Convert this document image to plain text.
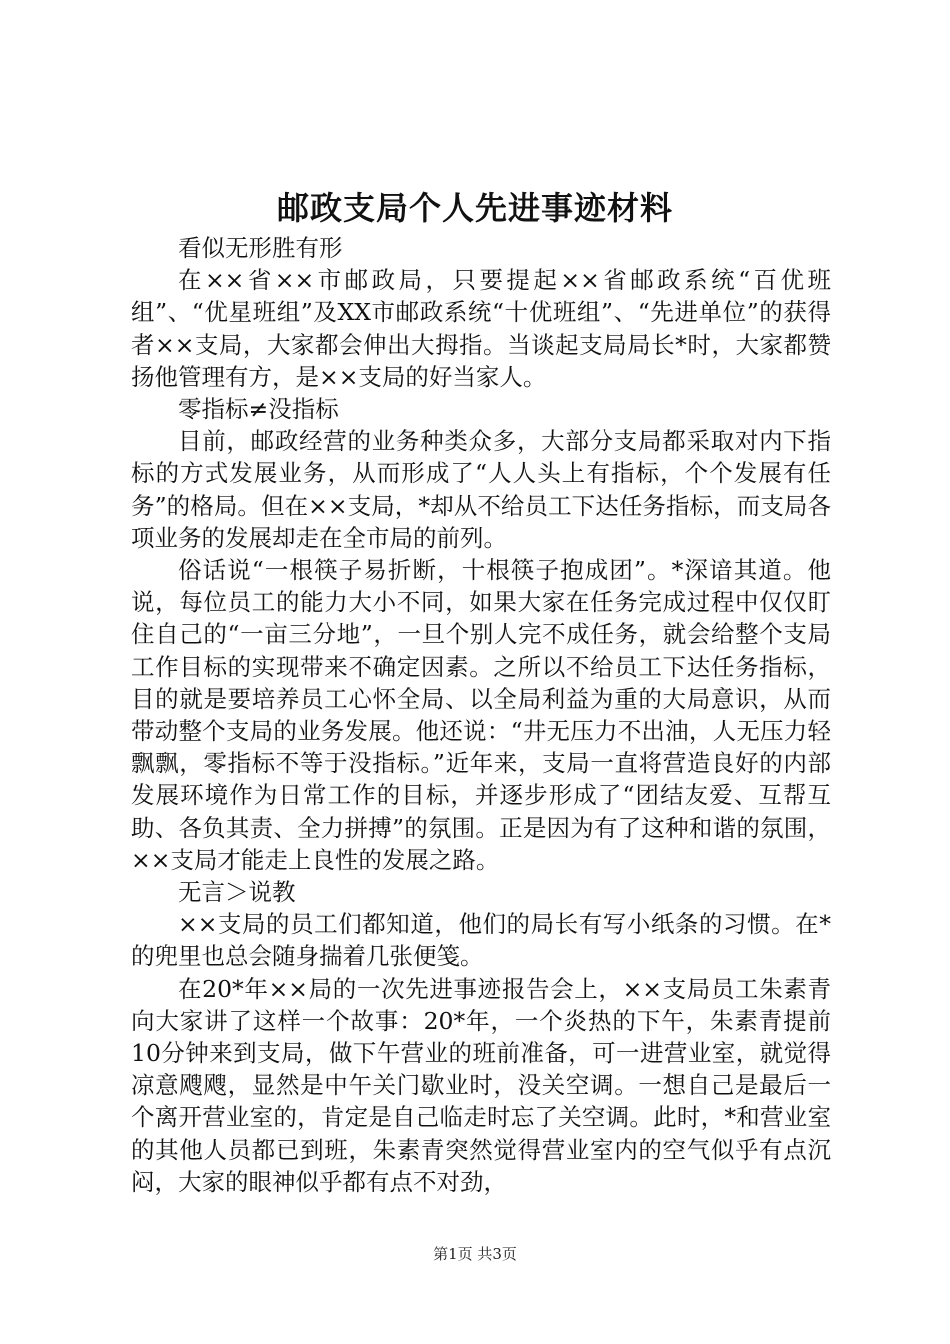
邮政支局个人先进事迹材料

看似无形胜有形

在××省××市邮政局，只要提起××省邮政系统“百优班组”、“优星班组”及XX市邮政系统“十优班组”、“先进单位”的获得者××支局，大家都会伸出大拇指。当谈起支局局长*时，大家都赞扬他管理有方，是××支局的好当家人。

零指标≠没指标

目前，邮政经营的业务种类众多，大部分支局都采取对内下指标的方式发展业务，从而形成了“人人头上有指标，个个发展有任务”的格局。但在××支局，*却从不给员工下达任务指标，而支局各项业务的发展却走在全市局的前列。

俗话说“一根筷子易折断，十根筷子抱成团”。*深谙其道。他说，每位员工的能力大小不同，如果大家在任务完成过程中仅仅盯住自己的“一亩三分地”，一旦个别人完不成任务，就会给整个支局工作目标的实现带来不确定因素。之所以不给员工下达任务指标，目的就是要培养员工心怀全局、以全局利益为重的大局意识，从而带动整个支局的业务发展。他还说：“井无压力不出油，人无压力轻飘飘，零指标不等于没指标。”近年来，支局一直将营造良好的内部发展环境作为日常工作的目标，并逐步形成了“团结友爱、互帮互助、各负其责、全力拼搏”的氛围。正是因为有了这种和谐的氛围，××支局才能走上良性的发展之路。

无言＞说教

××支局的员工们都知道，他们的局长有写小纸条的习惯。在*的兜里也总会随身揣着几张便笺。

在20*年××局的一次先进事迹报告会上，××支局员工朱素青向大家讲了这样一个故事：20*年，一个炎热的下午，朱素青提前10分钟来到支局，做下午营业的班前准备，可一进营业室，就觉得凉意飕飕，显然是中午关门歇业时，没关空调。一想自己是最后一个离开营业室的，肯定是自己临走时忘了关空调。此时，*和营业室的其他人员都已到班，朱素青突然觉得营业室内的空气似乎有点沉闷，大家的眼神似乎都有点不对劲，

第1页 共3页
